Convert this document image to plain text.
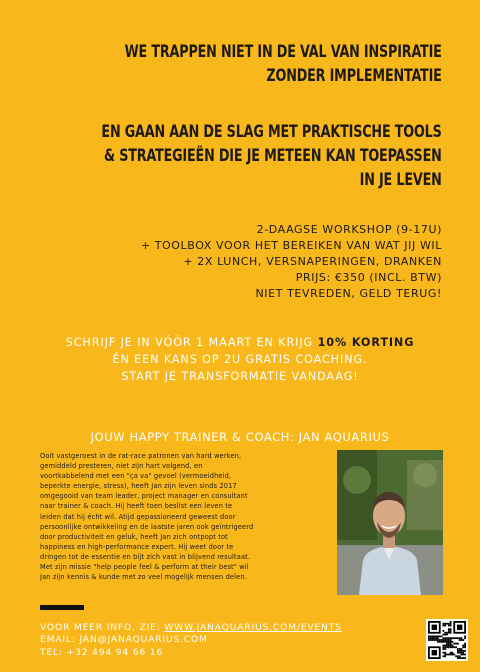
WE TRAPPEN NIET IN DE VAL VAN INSPIRATIE
ZONDER IMPLEMENTATIE
EN GAAN AAN DE SLAG MET PRAKTISCHE TOOLS
& STRATEGIEËN DIE JE METEEN KAN TOEPASSEN
IN JE LEVEN
2-DAAGSE WORKSHOP (9-17U)
+ TOOLBOX VOOR HET BEREIKEN VAN WAT JIJ WIL
+ 2X LUNCH, VERSNAPERINGEN, DRANKEN
PRIJS: €350 (INCL. BTW)
NIET TEVREDEN, GELD TERUG!
SCHRIJF JE IN VÓÓR 1 MAART EN KRIJG 10% KORTING
ÉN EEN KANS OP 2U GRATIS COACHING.
START JE TRANSFORMATIE VANDAAG!
JOUW HAPPY TRAINER & COACH: JAN AQUARIUS
Ooit vastgeroest in de rat-race patronen van hard werken,
gemiddeld presteren, niet zijn hart volgend, en
voortkabbelend met een "ça va" gevoel (vermoeidheid,
beperkte energie, stress), heeft Jan zijn leven sinds 2017
omgegooid van team leader, project manager en consultant
naar trainer & coach. Hij heeft toen beslist een leven te
leiden dat hij écht wil. Atijd gepassioneerd geweest door
persoonlijke ontwikkeling en de laatste jaren ook geïntrigeerd
door productiviteit en geluk, heeft Jan zich ontpopt tot
happiness en high-performance expert. Hij weet door te
dringen tot de essentie en bijt zich vast in blijvend resultaat.
Met zijn missie "help people feel & perform at their best" wil
Jan zijn kennis & kunde met zo veel mogelijk mensen delen.
VOOR MEER INFO, ZIE: WWW.JANAQUARIUS.COM/EVENTS
EMAIL: JAN@JANAQUARIUS.COM
TEL: +32 494 94 66 16
